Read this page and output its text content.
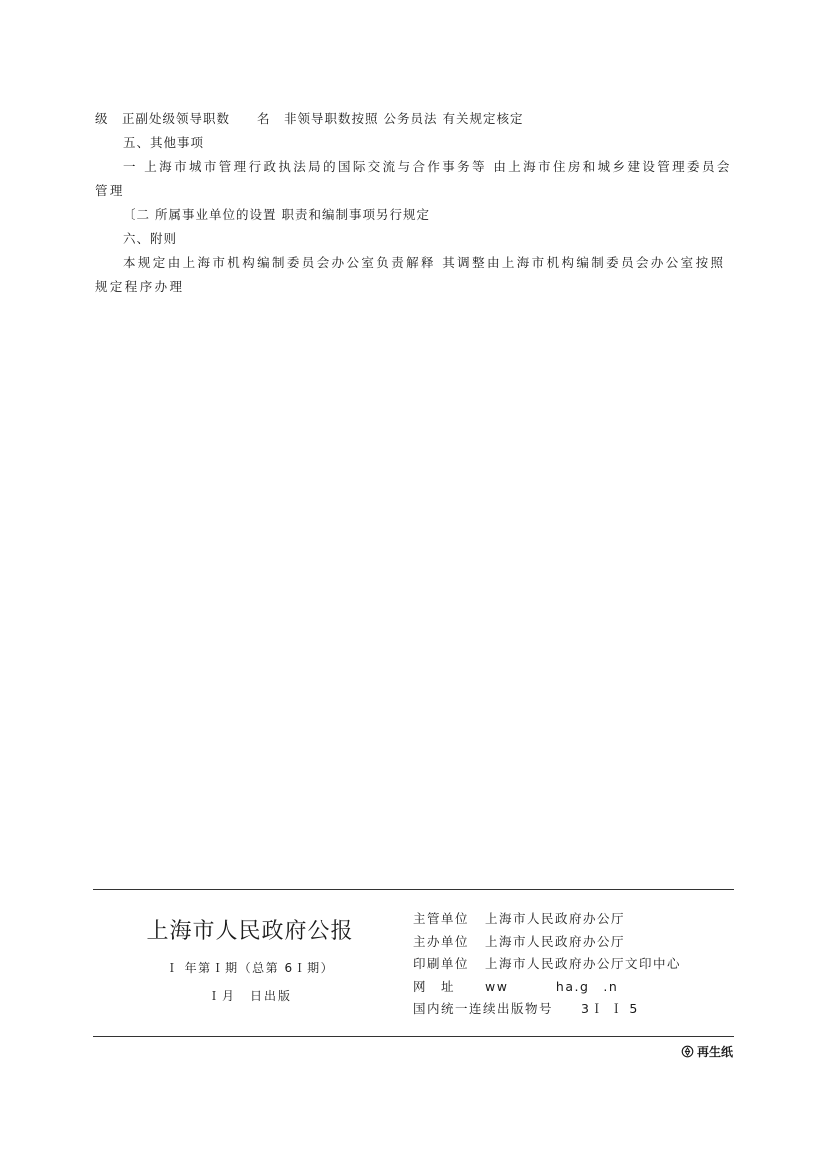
级　正副处级领导职数　　名　非领导职数按照 公务员法 有关规定核定

五、其他事项

一 上海市城市管理行政执法局的国际交流与合作事务等 由上海市住房和城乡建设管理委员会管理

〔二 所属事业单位的设置 职责和编制事项另行规定

六、附则

本规定由上海市机构编制委员会办公室负责解释 其调整由上海市机构编制委员会办公室按照规定程序办理

上海市人民政府公报
Ｉ 年第Ｉ期（总第 6Ｉ期）
Ｉ月　日出版
主管单位 上海市人民政府办公厅
主办单位 上海市人民政府办公厅
印刷单位 上海市人民政府办公厅文印中心
网　址 ww　　　 ha.g　.n
国内统一连续出版物号　　3Ｉ Ｉ 5
再生纸
